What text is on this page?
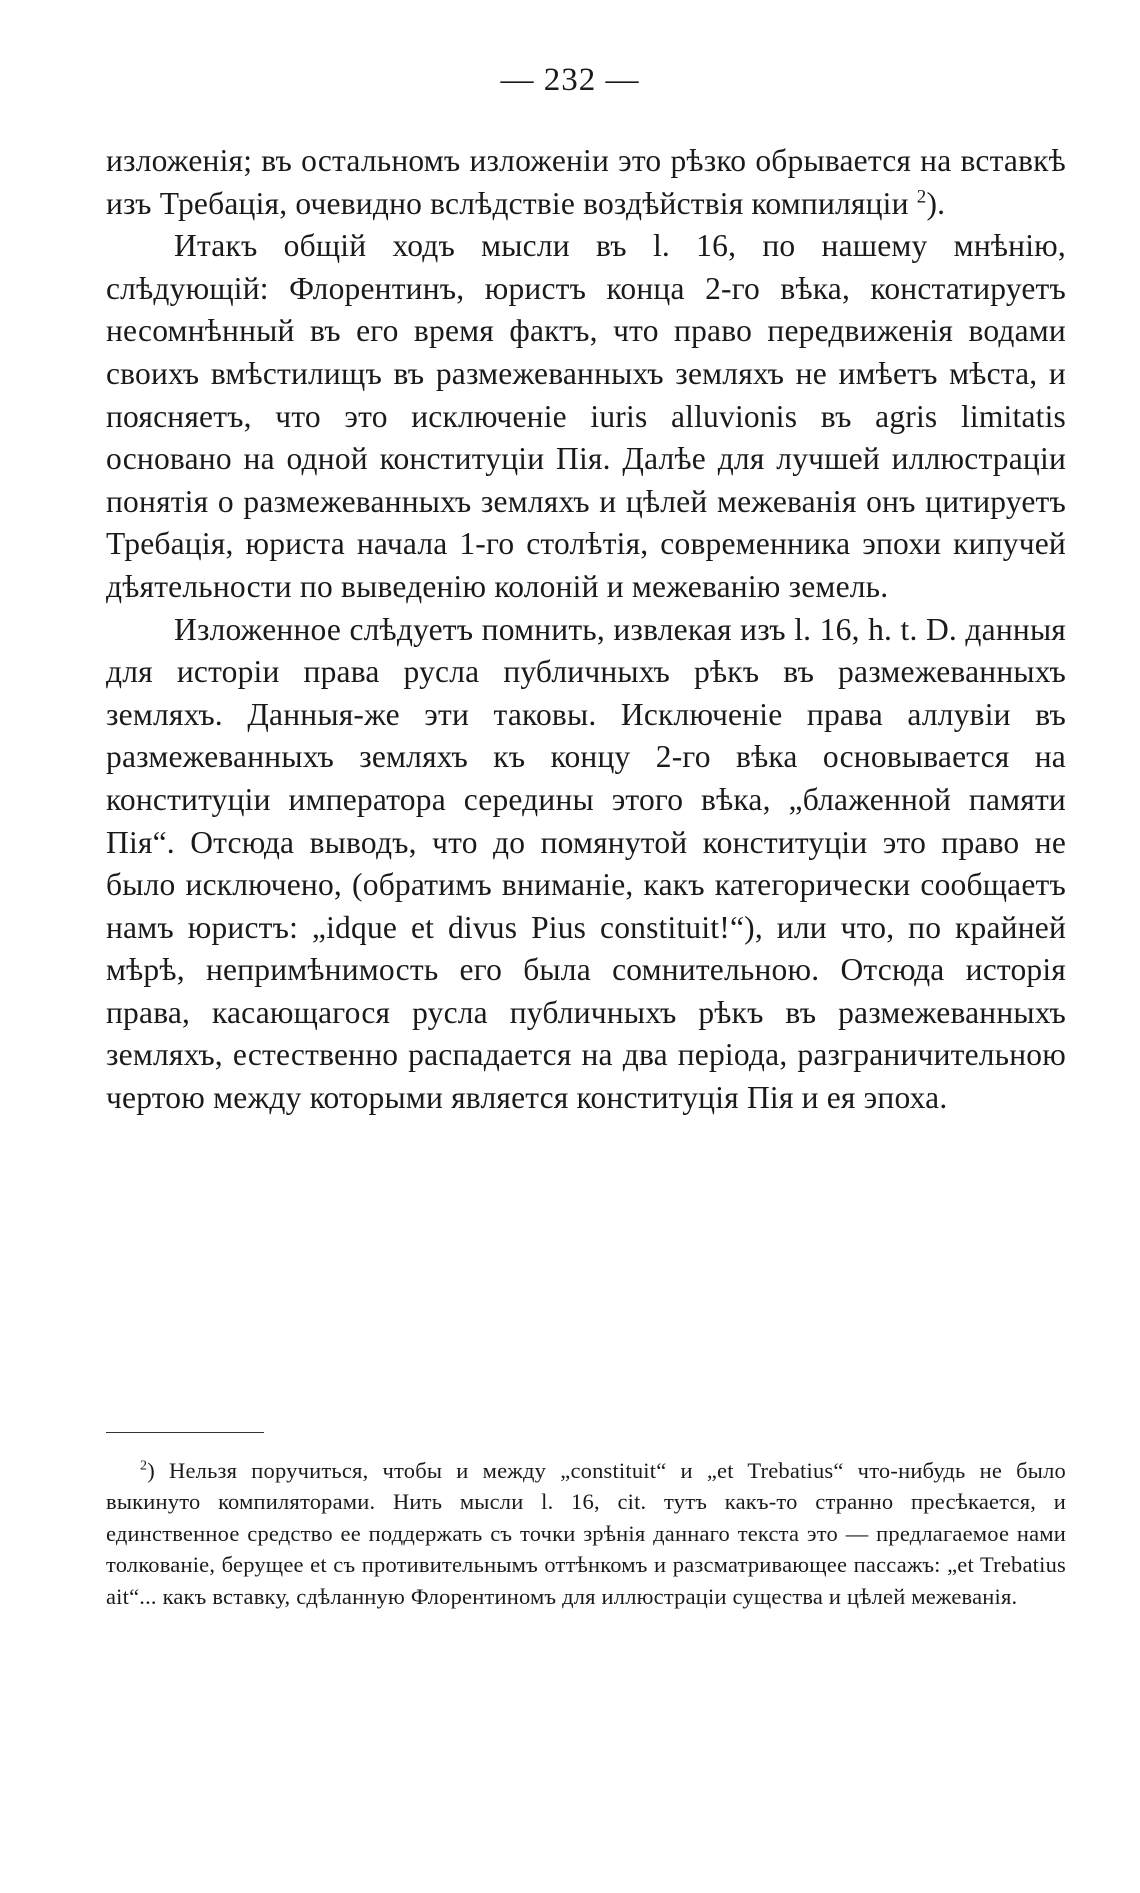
— 232 —

изложенія; въ остальномъ изложеніи это рѣзко обрывается на вставкѣ изъ Требація, очевидно вслѣдствіе воздѣйствія компиляціи $^2$).

Итакъ общій ходъ мысли въ l. 16, по нашему мнѣнію, слѣдующій: Флорентинъ, юристъ конца 2-го вѣка, констатируетъ несомнѣнный въ его время фактъ, что право передвиженія водами своихъ вмѣстилищъ въ размежеванныхъ земляхъ не имѣетъ мѣста, и поясняетъ, что это исключеніе iuris alluvionis въ agris limitatis основано на одной конституціи Пія. Далѣе для лучшей иллюстраціи понятія о размежеванныхъ земляхъ и цѣлей межеванія онъ цитируетъ Требація, юриста начала 1-го столѣтія, современника эпохи кипучей дѣятельности по выведенію колоній и межеванію земель.

Изложенное слѣдуетъ помнить, извлекая изъ l. 16, h. t. D. данныя для исторіи права русла публичныхъ рѣкъ въ размежеванныхъ земляхъ. Данныя-же эти таковы. Исключеніе права аллувіи въ размежеванныхъ земляхъ къ концу 2-го вѣка основывается на конституціи императора середины этого вѣка, „блаженной памяти Пія“. Отсюда выводъ, что до помянутой конституціи это право не было исключено, (обратимъ вниманіе, какъ категорически сообщаетъ намъ юристъ: „idque et divus Pius constituit!“), или что, по крайней мѣрѣ, непримѣнимость его была сомнительною. Отсюда исторія права, касающагося русла публичныхъ рѣкъ въ размежеванныхъ земляхъ, естественно распадается на два періода, разграничительною чертою между которыми является конституція Пія и ея эпоха.

$^2$) Нельзя поручиться, чтобы и между „constituit“ и „et Trebatius“ что-нибудь не было выкинуто компиляторами. Нить мысли l. 16, cit. тутъ какъ-то странно пресѣкается, и единственное средство ее поддержать съ точки зрѣнія даннаго текста это — предлагаемое нами толкованіе, берущее et съ противительнымъ оттѣнкомъ и разсматривающее пассажъ: „et Trebatius ait“... какъ вставку, сдѣланную Флорентиномъ для иллюстраціи существа и цѣлей межеванія.
